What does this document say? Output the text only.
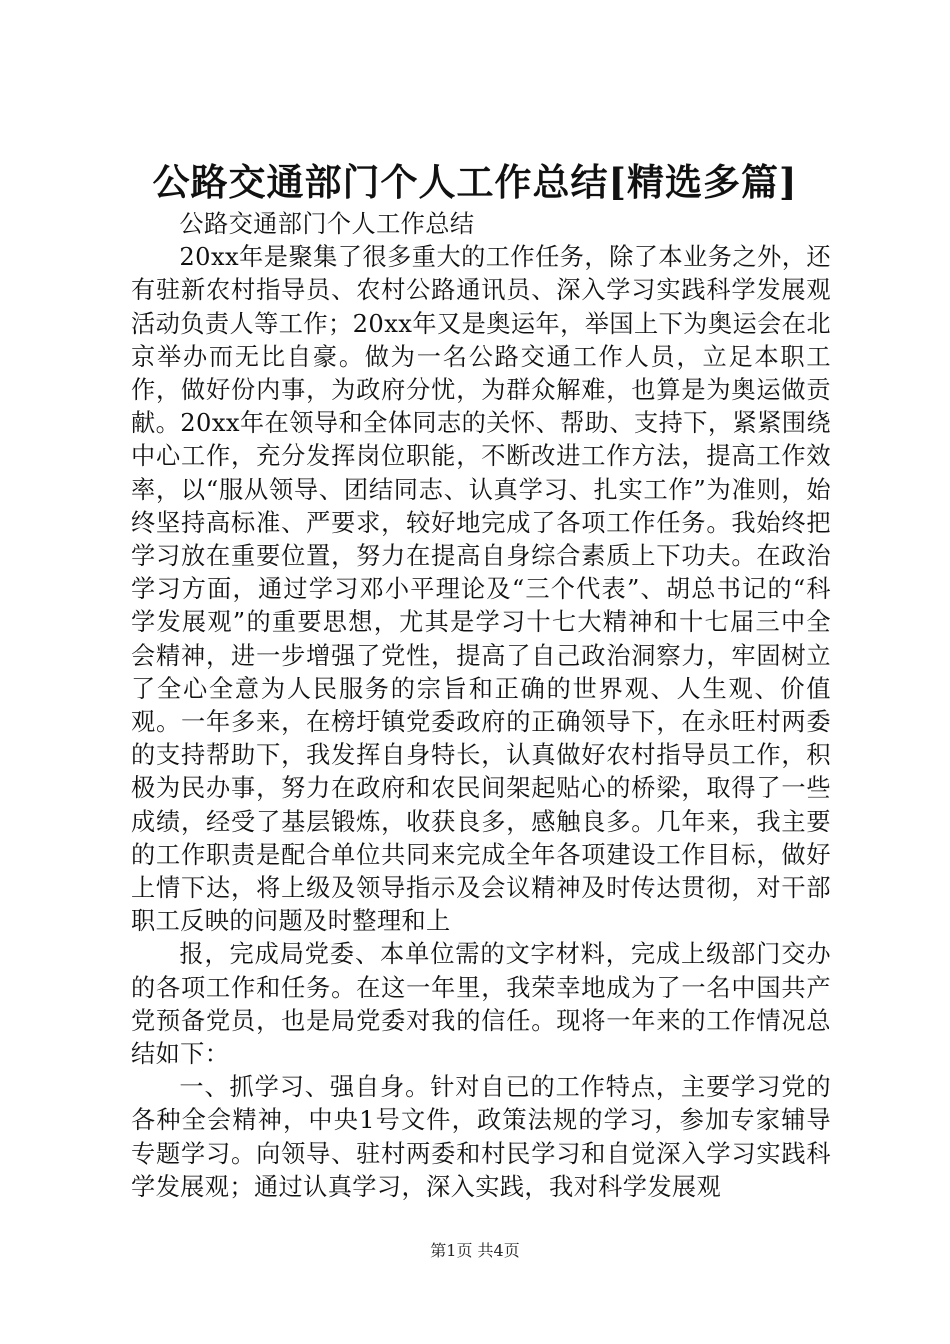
公路交通部门个人工作总结[精选多篇]

公路交通部门个人工作总结

20xx年是聚集了很多重大的工作任务，除了本业务之外，还有驻新农村指导员、农村公路通讯员、深入学习实践科学发展观活动负责人等工作；20xx年又是奥运年，举国上下为奥运会在北京举办而无比自豪。做为一名公路交通工作人员，立足本职工作，做好份内事，为政府分忧，为群众解难，也算是为奥运做贡献。20xx年在领导和全体同志的关怀、帮助、支持下，紧紧围绕中心工作，充分发挥岗位职能，不断改进工作方法，提高工作效率，以“服从领导、团结同志、认真学习、扎实工作”为准则，始终坚持高标准、严要求，较好地完成了各项工作任务。我始终把学习放在重要位置，努力在提高自身综合素质上下功夫。在政治学习方面，通过学习邓小平理论及“三个代表”、胡总书记的“科学发展观”的重要思想，尤其是学习十七大精神和十七届三中全会精神，进一步增强了党性，提高了自己政治洞察力，牢固树立了全心全意为人民服务的宗旨和正确的世界观、人生观、价值观。一年多来，在榜圩镇党委政府的正确领导下，在永旺村两委的支持帮助下，我发挥自身特长，认真做好农村指导员工作，积极为民办事，努力在政府和农民间架起贴心的桥梁，取得了一些成绩，经受了基层锻炼，收获良多，感触良多。几年来，我主要的工作职责是配合单位共同来完成全年各项建设工作目标，做好上情下达，将上级及领导指示及会议精神及时传达贯彻，对干部职工反映的问题及时整理和上

报，完成局党委、本单位需的文字材料，完成上级部门交办的各项工作和任务。在这一年里，我荣幸地成为了一名中国共产党预备党员，也是局党委对我的信任。现将一年来的工作情况总结如下：

一、抓学习、强自身。针对自已的工作特点，主要学习党的各种全会精神，中央1号文件，政策法规的学习，参加专家辅导专题学习。向领导、驻村两委和村民学习和自觉深入学习实践科学发展观；通过认真学习，深入实践，我对科学发展观

第1页 共4页
